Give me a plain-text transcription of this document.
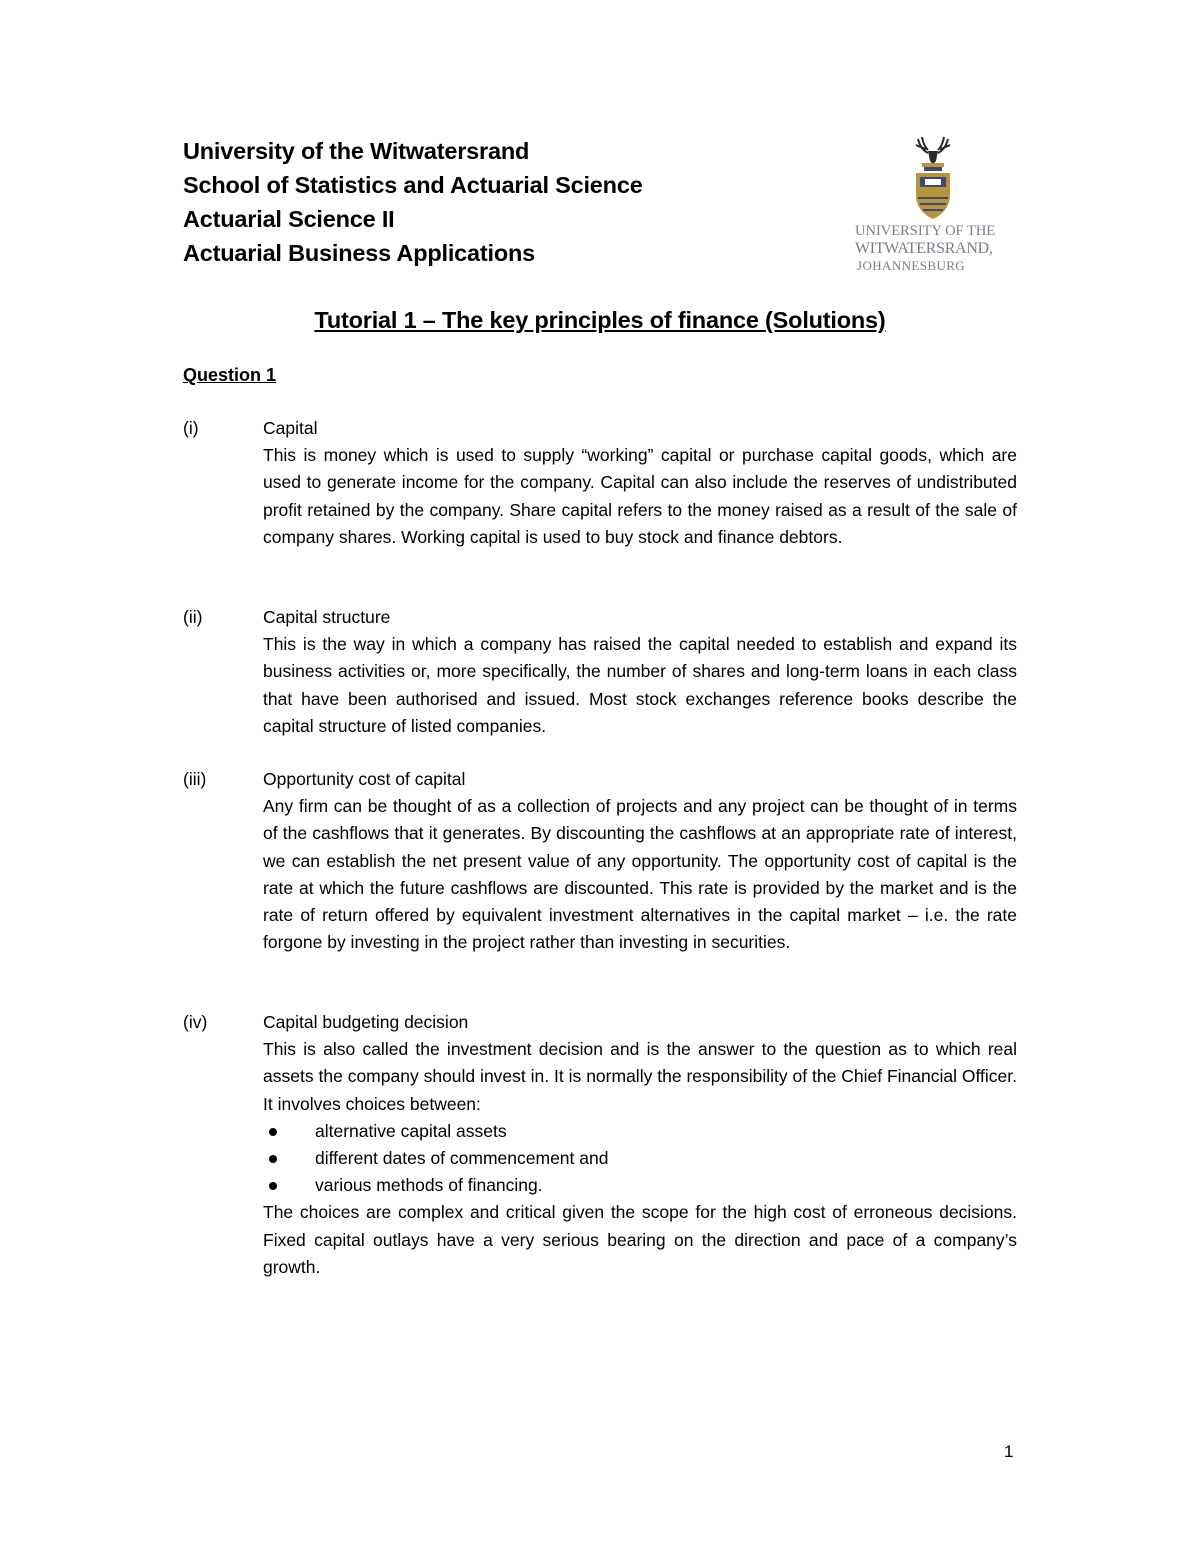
University of the Witwatersrand
School of Statistics and Actuarial Science
Actuarial Science II
Actuarial Business Applications
UNIVERSITY OF THE
WITWATERSRAND,
JOHANNESBURG
Tutorial 1 – The key principles of finance (Solutions)
Question 1
(i)	Capital

This is money which is used to supply “working” capital or purchase capital goods, which are used to generate income for the company. Capital can also include the reserves of undistributed profit retained by the company. Share capital refers to the money raised as a result of the sale of company shares. Working capital is used to buy stock and finance debtors.

(ii)	Capital structure

This is the way in which a company has raised the capital needed to establish and expand its business activities or, more specifically, the number of shares and long-term loans in each class that have been authorised and issued. Most stock exchanges reference books describe the capital structure of listed companies.

(iii)	Opportunity cost of capital

Any firm can be thought of as a collection of projects and any project can be thought of in terms of the cashflows that it generates. By discounting the cashflows at an appropriate rate of interest, we can establish the net present value of any opportunity. The opportunity cost of capital is the rate at which the future cashflows are discounted. This rate is provided by the market and is the rate of return offered by equivalent investment alternatives in the capital market – i.e. the rate forgone by investing in the project rather than investing in securities.

(iv)	Capital budgeting decision

This is also called the investment decision and is the answer to the question as to which real assets the company should invest in. It is normally the responsibility of the Chief Financial Officer. It involves choices between:

alternative capital assets
different dates of commencement and
various methods of financing.

The choices are complex and critical given the scope for the high cost of erroneous decisions. Fixed capital outlays have a very serious bearing on the direction and pace of a company’s growth.

1
